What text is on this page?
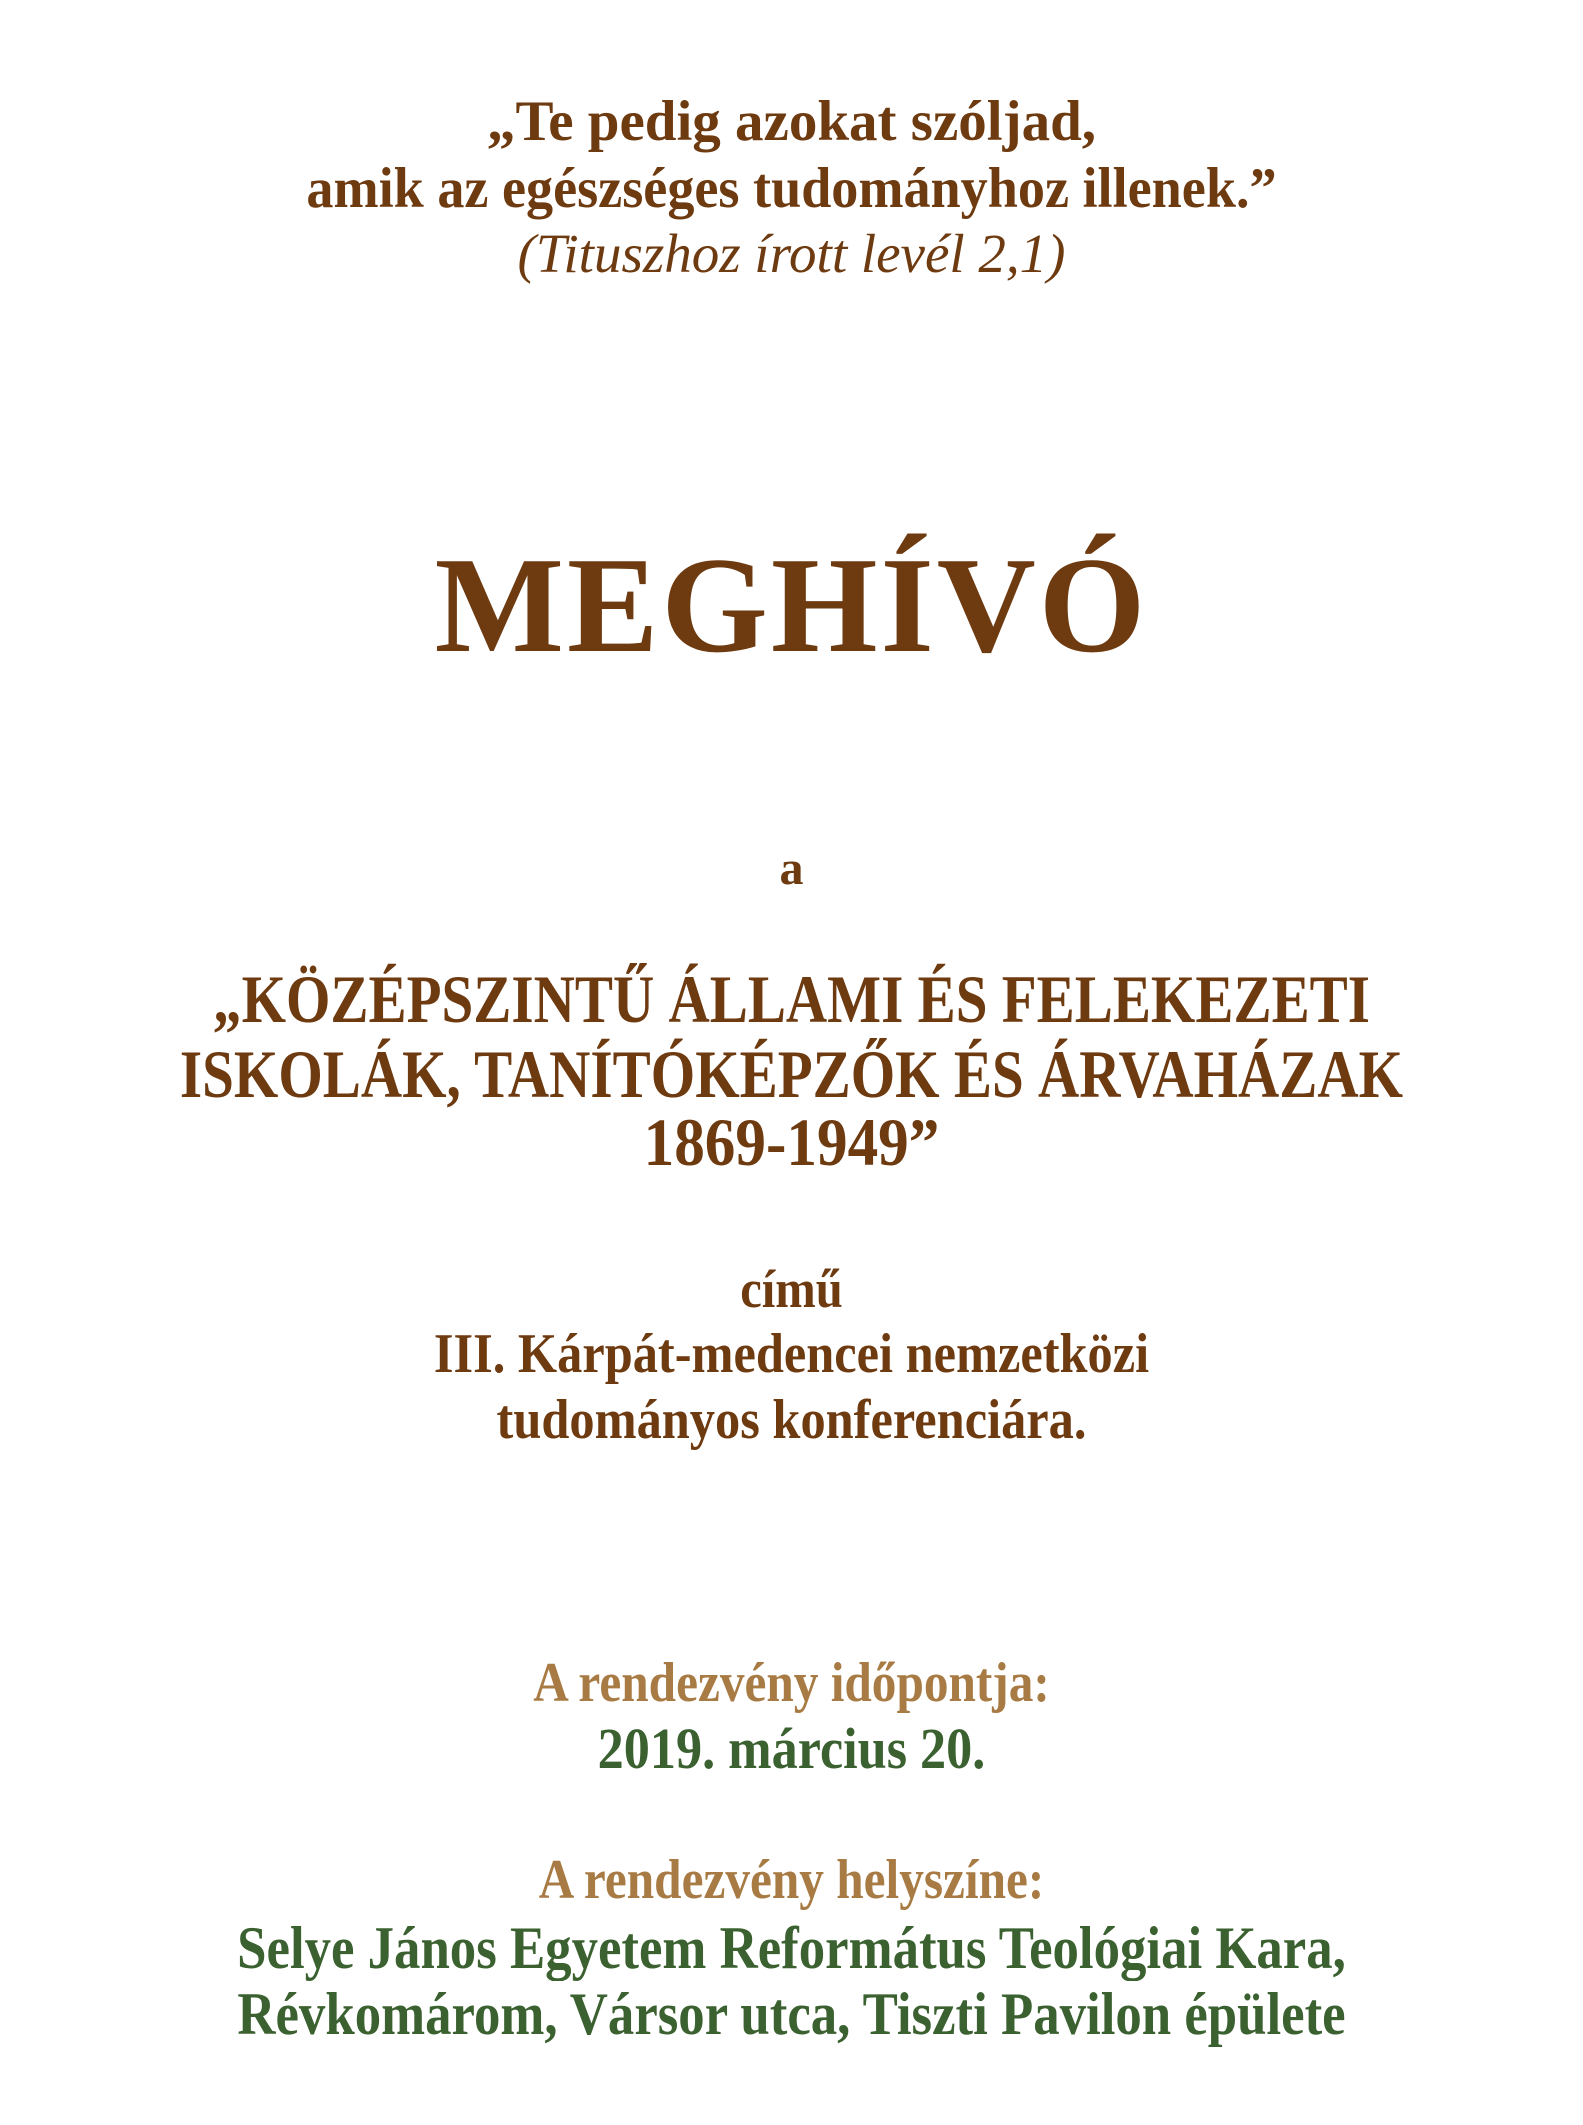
„Te pedig azokat szóljad,
amik az egészséges tudományhoz illenek.”
(Tituszhoz írott levél 2,1)
MEGHÍVÓ
a
„KÖZÉPSZINTŰ ÁLLAMI ÉS FELEKEZETI
ISKOLÁK, TANÍTÓKÉPZŐK ÉS ÁRVAHÁZAK
1869-1949”
című
III. Kárpát-medencei nemzetközi
tudományos konferenciára.
A rendezvény időpontja:
2019. március 20.
A rendezvény helyszíne:
Selye János Egyetem Református Teológiai Kara,
Révkomárom, Vársor utca, Tiszti Pavilon épülete
